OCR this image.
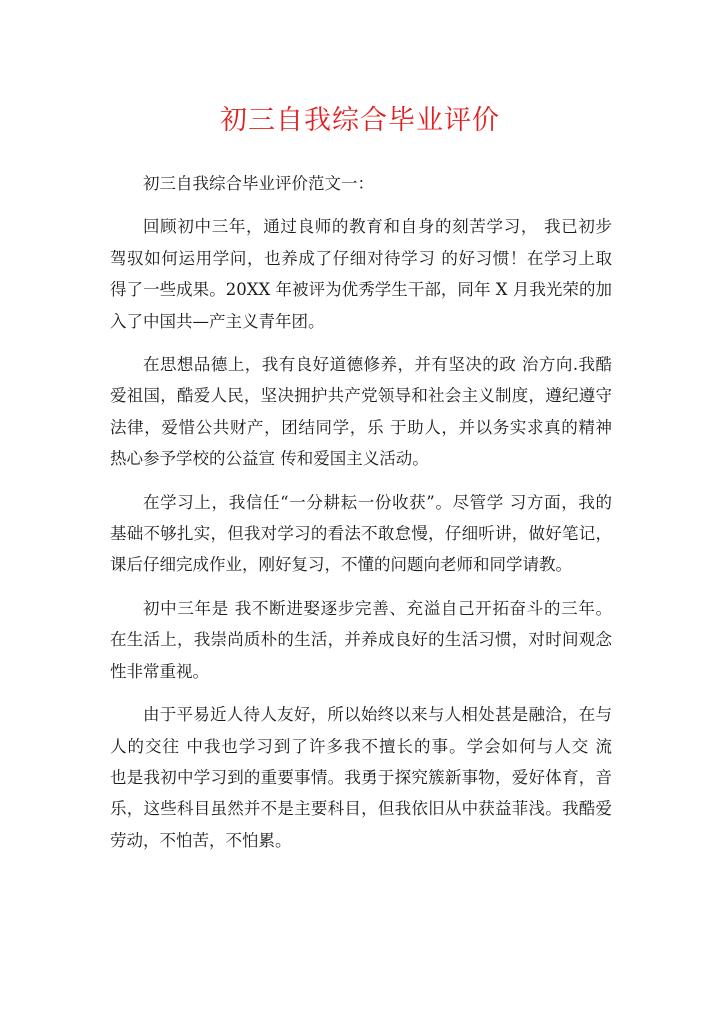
初三自我综合毕业评价

初三自我综合毕业评价范文一：

回顾初中三年，通过良师的教育和自身的刻苦学习， 我已初步
驾驭如何运用学问，也养成了仔细对待学习 的好习惯！在学习上取
得了一些成果。20XX 年被评为优秀学生干部，同年 X 月我光荣的加
入了中国共—产主义青年团。

在思想品德上，我有良好道德修养，并有坚决的政 治方向.我酷
爱祖国，酷爱人民，坚决拥护共产党领导和社会主义制度，遵纪遵守
法律，爱惜公共财产，团结同学，乐 于助人，并以务实求真的精神
热心参予学校的公益宣 传和爱国主义活动。

在学习上，我信任“一分耕耘一份收获”。尽管学 习方面，我的
基础不够扎实，但我对学习的看法不敢怠慢，仔细听讲，做好笔记，
课后仔细完成作业，刚好复习，不懂的问题向老师和同学请教。

初中三年是 我不断进娶逐步完善、充溢自己开拓奋斗的三年。
在生活上，我崇尚质朴的生活，并养成良好的生活习惯，对时间观念
性非常重视。

由于平易近人待人友好，所以始终以来与人相处甚是融洽，在与
人的交往 中我也学习到了许多我不擅长的事。学会如何与人交 流
也是我初中学习到的重要事情。我勇于探究簇新事物，爱好体育，音
乐，这些科目虽然并不是主要科目，但我依旧从中获益菲浅。我酷爱
劳动，不怕苦，不怕累。
